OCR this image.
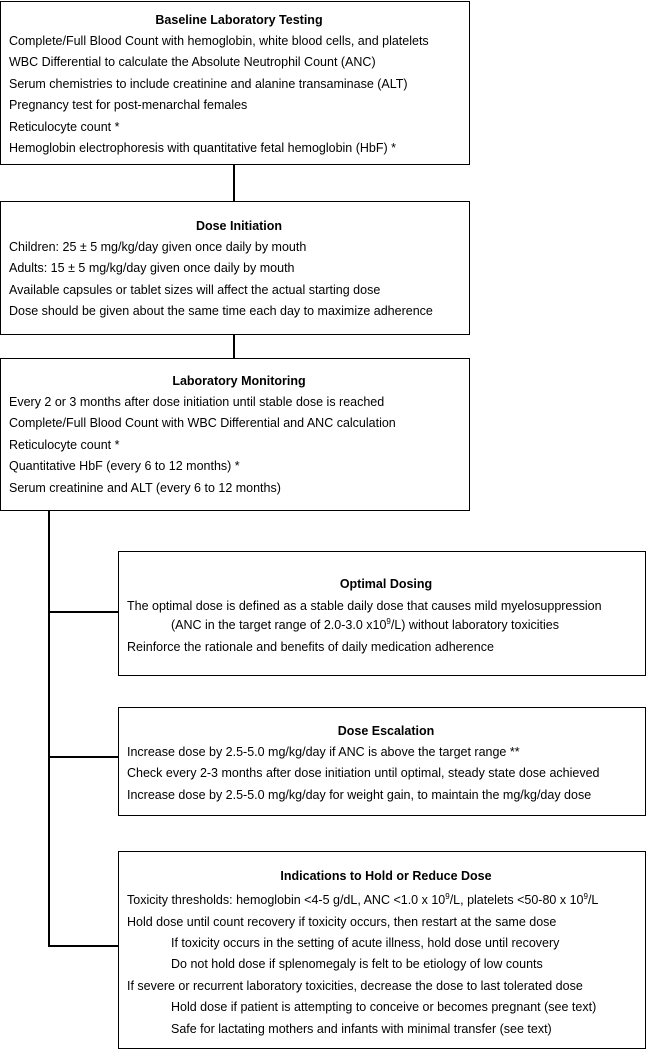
Baseline Laboratory Testing
Complete/Full Blood Count with hemoglobin, white blood cells, and platelets
WBC Differential to calculate the Absolute Neutrophil Count (ANC)
Serum chemistries to include creatinine and alanine transaminase (ALT)
Pregnancy test for post-menarchal females
Reticulocyte count *
Hemoglobin electrophoresis with quantitative fetal hemoglobin (HbF) *
Dose Initiation
Children: 25 ± 5 mg/kg/day given once daily by mouth
Adults: 15 ± 5 mg/kg/day given once daily by mouth
Available capsules or tablet sizes will affect the actual starting dose
Dose should be given about the same time each day to maximize adherence
Laboratory Monitoring
Every 2 or 3 months after dose initiation until stable dose is reached
Complete/Full Blood Count with WBC Differential and ANC calculation
Reticulocyte count *
Quantitative HbF (every 6 to 12 months) *
Serum creatinine and ALT (every 6 to 12 months)
Optimal Dosing
The optimal dose is defined as a stable daily dose that causes mild myelosuppression
(ANC in the target range of 2.0-3.0 $x10^9/L$) without laboratory toxicities
Reinforce the rationale and benefits of daily medication adherence
Dose Escalation
Increase dose by 2.5-5.0 mg/kg/day if ANC is above the target range **
Check every 2-3 months after dose initiation until optimal, steady state dose achieved
Increase dose by 2.5-5.0 mg/kg/day for weight gain, to maintain the mg/kg/day dose
Indications to Hold or Reduce Dose
Toxicity thresholds: hemoglobin <4-5 g/dL, ANC <1.0 x $10^9/L$, platelets <50-80 x $10^9/L$
Hold dose until count recovery if toxicity occurs, then restart at the same dose
If toxicity occurs in the setting of acute illness, hold dose until recovery
Do not hold dose if splenomegaly is felt to be etiology of low counts
If severe or recurrent laboratory toxicities, decrease the dose to last tolerated dose
Hold dose if patient is attempting to conceive or becomes pregnant (see text)
Safe for lactating mothers and infants with minimal transfer (see text)
